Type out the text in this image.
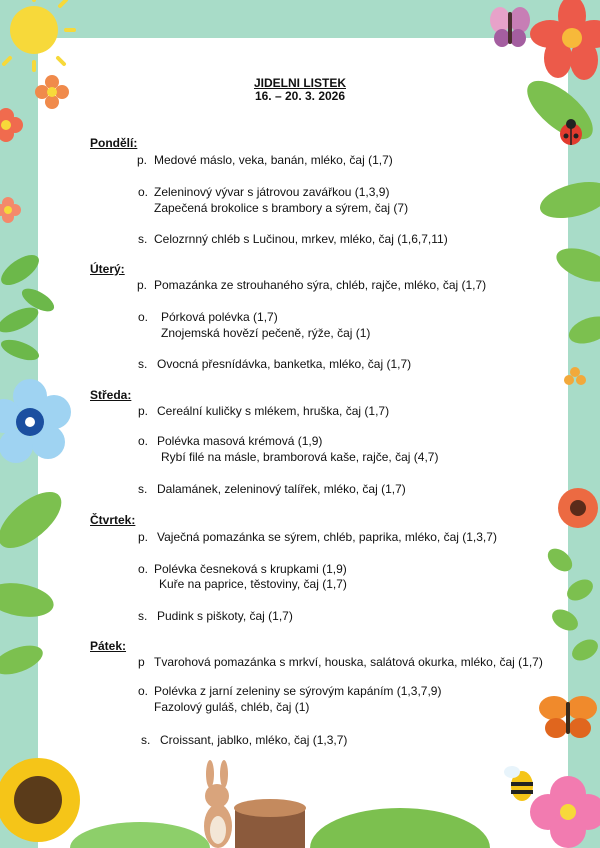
JIDELNI LISTEK
16. – 20. 3. 2026
Pondělí:
p. Medové máslo, veka, banán, mléko, čaj (1,7)
o. Zeleninový vývar s játrovou zavářkou (1,3,9)
Zapečená brokolice s brambory a sýrem, čaj (7)
s. Celozrnný chléb s Lučinou, mrkev, mléko, čaj (1,6,7,11)
Úterý:
p. Pomazánka ze strouhaného sýra, chléb, rajče, mléko, čaj (1,7)
o. Pórková polévka (1,7)
Znojemská hovězí pečeně, rýže, čaj (1)
s. Ovocná přesnídávka, banketka, mléko, čaj (1,7)
Středa:
p. Cereální kuličky s mlékem, hruška, čaj (1,7)
o. Polévka masová krémová (1,9)
Rybí filé na másle, bramborová kaše, rajče, čaj (4,7)
s. Dalamánek, zeleninový talířek, mléko, čaj (1,7)
Čtvrtek:
p. Vaječná pomazánka se sýrem, chléb, paprika, mléko, čaj (1,3,7)
o. Polévka česneková s krupkami (1,9)
Kuře na paprice, těstoviny, čaj (1,7)
s. Pudink s piškoty, čaj (1,7)
Pátek:
p Tvarohová pomazánka s mrkví, houska, salátová okurka, mléko, čaj (1,7)
o. Polévka z jarní zeleniny se sýrovým kapáním (1,3,7,9)
Fazolový guláš, chléb, čaj (1)
s. Croissant, jablko, mléko, čaj (1,3,7)
